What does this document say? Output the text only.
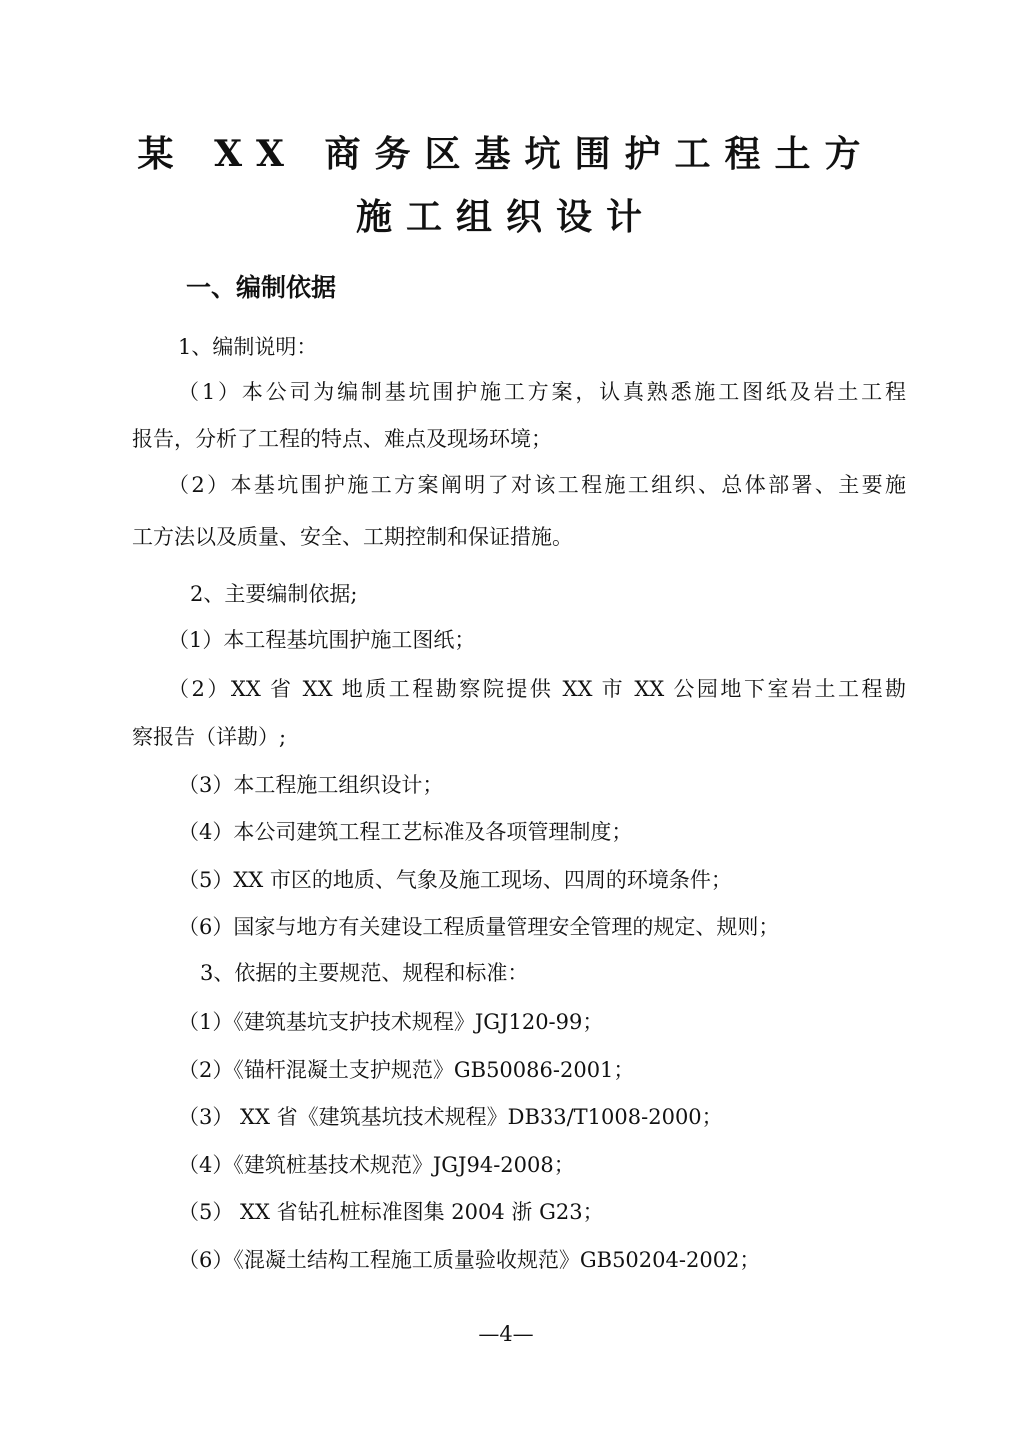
某 XX 商务区基坑围护工程土方
施工组织设计
一、编制依据
1、编制说明：
（1）本公司为编制基坑围护施工方案，认真熟悉施工图纸及岩土工程
报告，分析了工程的特点、难点及现场环境；
（2）本基坑围护施工方案阐明了对该工程施工组织、总体部署、主要施
工方法以及质量、安全、工期控制和保证措施。
2、主要编制依据;
（1）本工程基坑围护施工图纸；
（2）XX 省 XX 地质工程勘察院提供 XX 市 XX 公园地下室岩土工程勘
察报告（详勘）;
（3）本工程施工组织设计；
（4）本公司建筑工程工艺标准及各项管理制度；
（5）XX 市区的地质、气象及施工现场、四周的环境条件；
（6）国家与地方有关建设工程质量管理安全管理的规定、规则；
3、依据的主要规范、规程和标准：
（1）《建筑基坑支护技术规程》JGJ120-99；
（2）《锚杆混凝土支护规范》GB50086-2001；
（3） XX 省《建筑基坑技术规程》DB33/T1008-2000；
（4）《建筑桩基技术规范》JGJ94-2008；
（5） XX 省钻孔桩标准图集 2004 浙 G23；
（6）《混凝土结构工程施工质量验收规范》GB50204-2002；
—4—
